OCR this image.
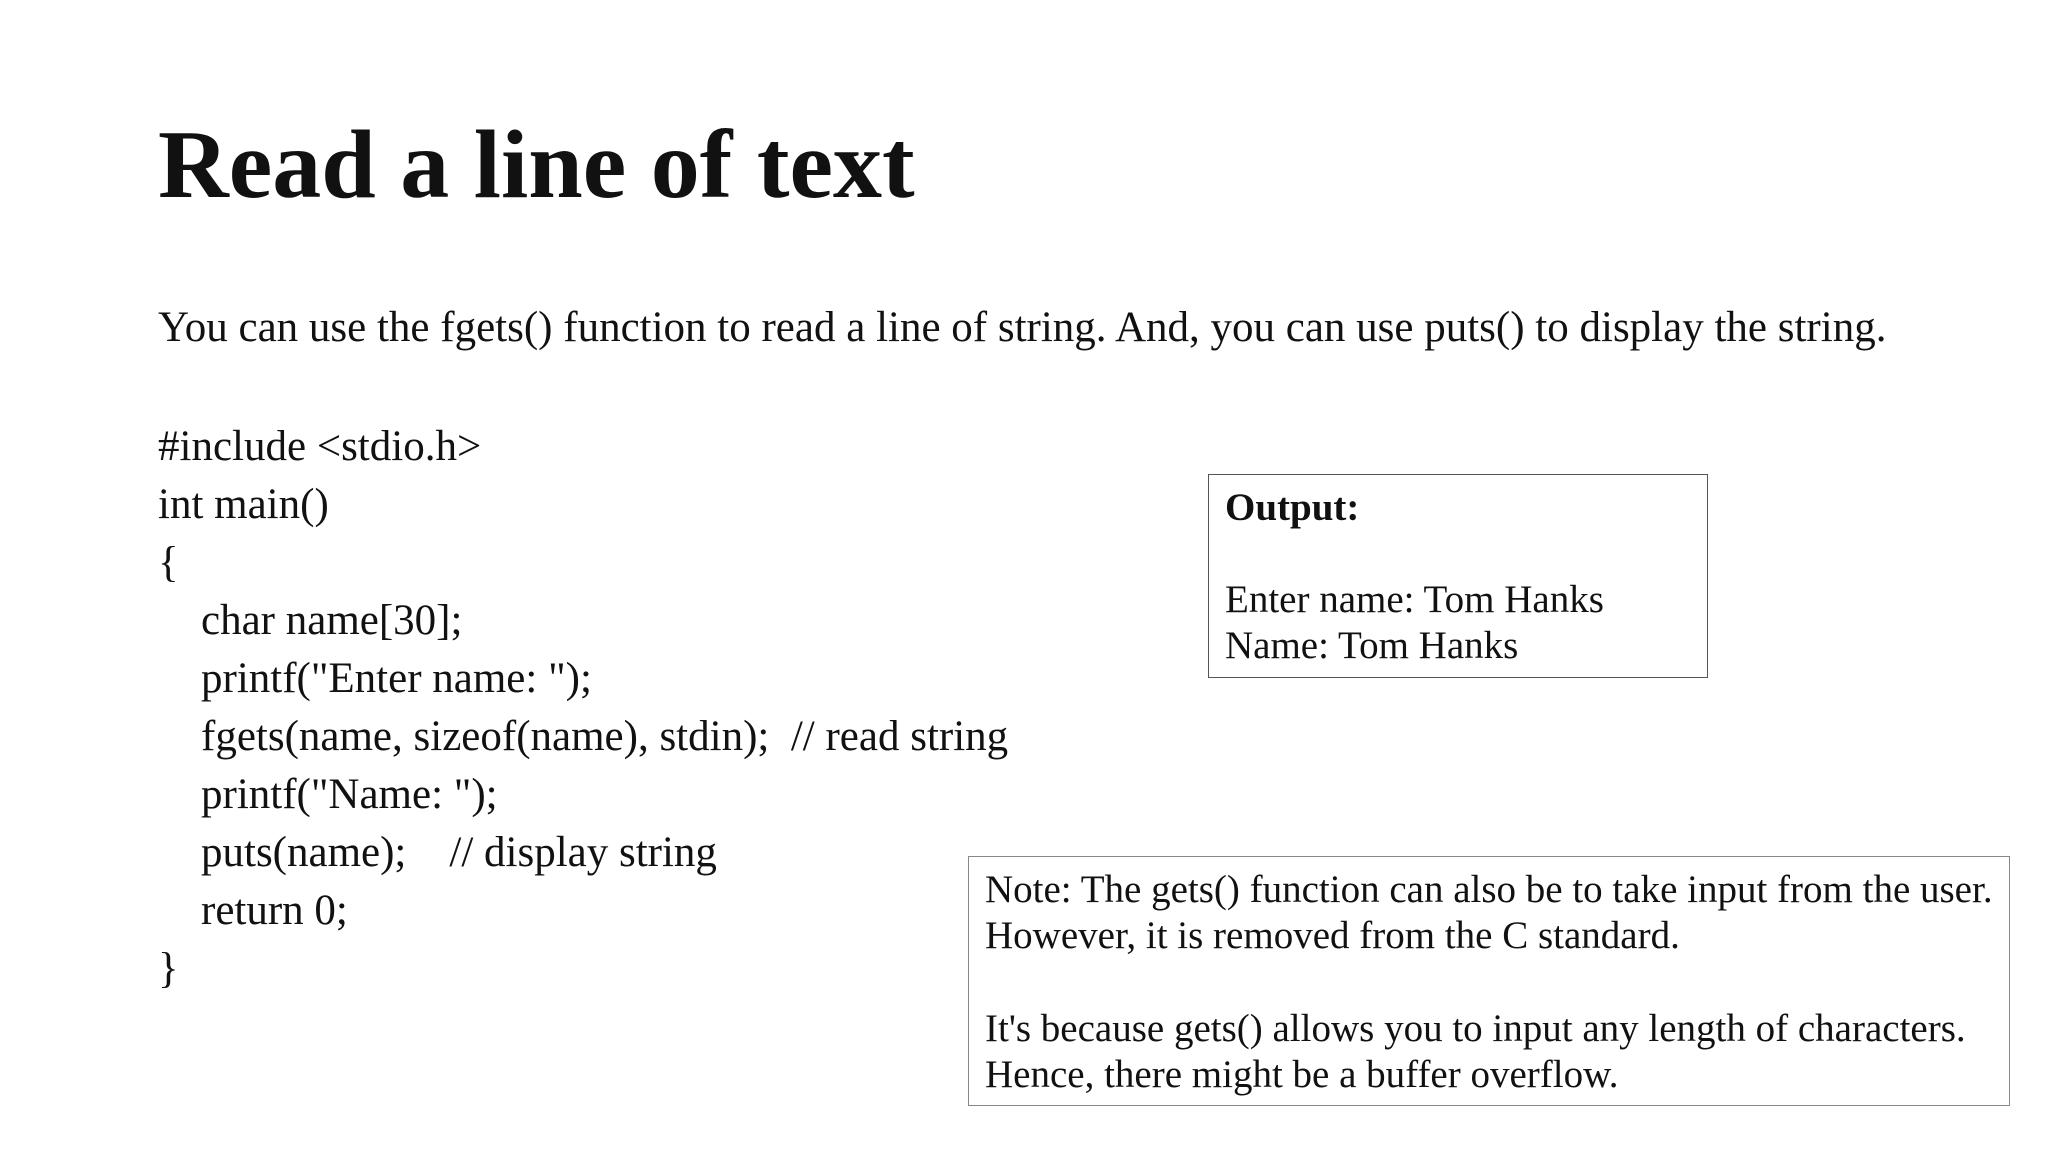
Read a line of text
You can use the fgets() function to read a line of string. And, you can use puts() to display the string.
#include <stdio.h>
int main()
{
char name[30];
printf("Enter name: ");
fgets(name, sizeof(name), stdin);  // read string
printf("Name: ");
puts(name);    // display string
return 0;
}
Output:
Enter name: Tom Hanks
Name: Tom Hanks
Note: The gets() function can also be to take input from the user.
However, it is removed from the C standard.
It's because gets() allows you to input any length of characters.
Hence, there might be a buffer overflow.
